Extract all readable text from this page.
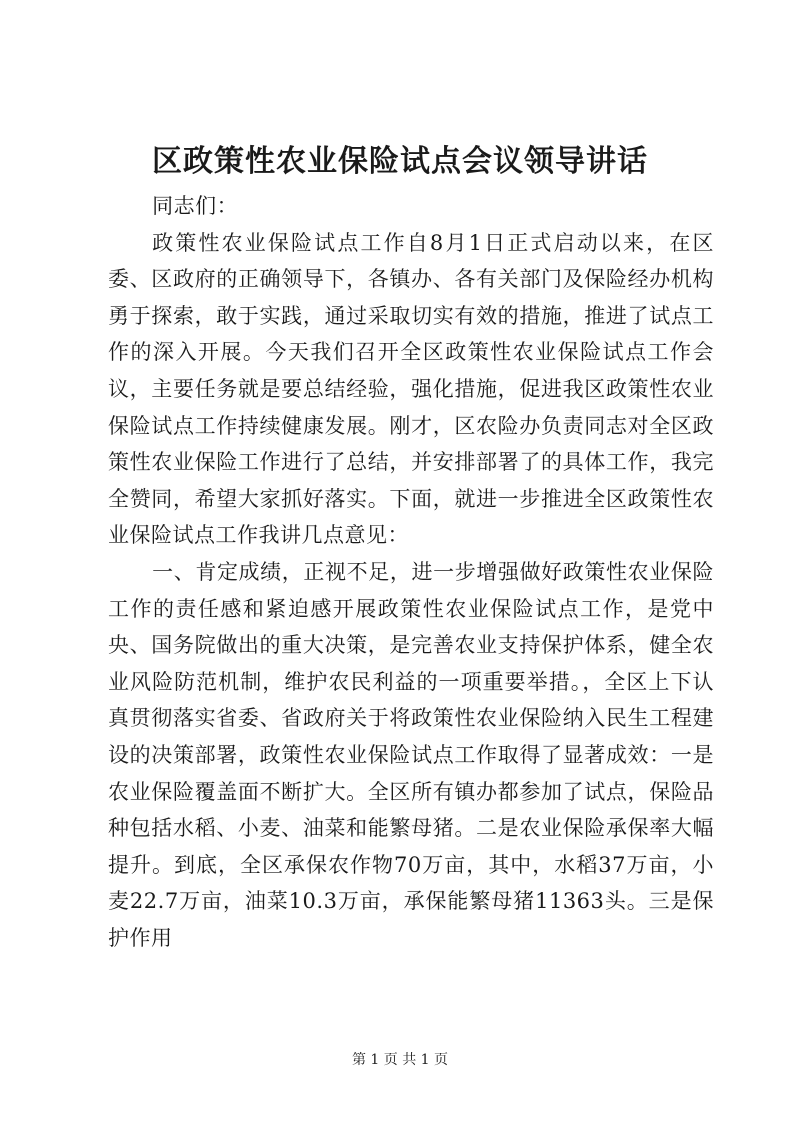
区政策性农业保险试点会议领导讲话

同志们：

政策性农业保险试点工作自8月1日正式启动以来，在区委、区政府的正确领导下，各镇办、各有关部门及保险经办机构勇于探索，敢于实践，通过采取切实有效的措施，推进了试点工作的深入开展。今天我们召开全区政策性农业保险试点工作会议，主要任务就是要总结经验，强化措施，促进我区政策性农业保险试点工作持续健康发展。刚才，区农险办负责同志对全区政策性农业保险工作进行了总结，并安排部署了的具体工作，我完全赞同，希望大家抓好落实。下面，就进一步推进全区政策性农业保险试点工作我讲几点意见：

一、肯定成绩，正视不足，进一步增强做好政策性农业保险工作的责任感和紧迫感开展政策性农业保险试点工作，是党中央、国务院做出的重大决策，是完善农业支持保护体系，健全农业风险防范机制，维护农民利益的一项重要举措。，全区上下认真贯彻落实省委、省政府关于将政策性农业保险纳入民生工程建设的决策部署，政策性农业保险试点工作取得了显著成效：一是农业保险覆盖面不断扩大。全区所有镇办都参加了试点，保险品种包括水稻、小麦、油菜和能繁母猪。二是农业保险承保率大幅提升。到底，全区承保农作物70万亩，其中，水稻37万亩，小麦22.7万亩，油菜10.3万亩，承保能繁母猪11363头。三是保护作用

第 1 页 共 1 页
